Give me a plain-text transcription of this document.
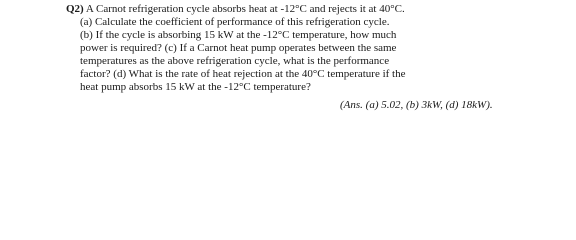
Q2) A Carnot refrigeration cycle absorbs heat at -12°C and rejects it at 40°C.
(a) Calculate the coefficient of performance of this refrigeration cycle.
(b) If the cycle is absorbing 15 kW at the -12°C temperature, how much
power is required? (c) If a Carnot heat pump operates between the same
temperatures as the above refrigeration cycle, what is the performance
factor? (d) What is the rate of heat rejection at the 40°C temperature if the
heat pump absorbs 15 kW at the -12°C temperature?
(Ans. (a) 5.02, (b) 3kW, (d) 18kW).
